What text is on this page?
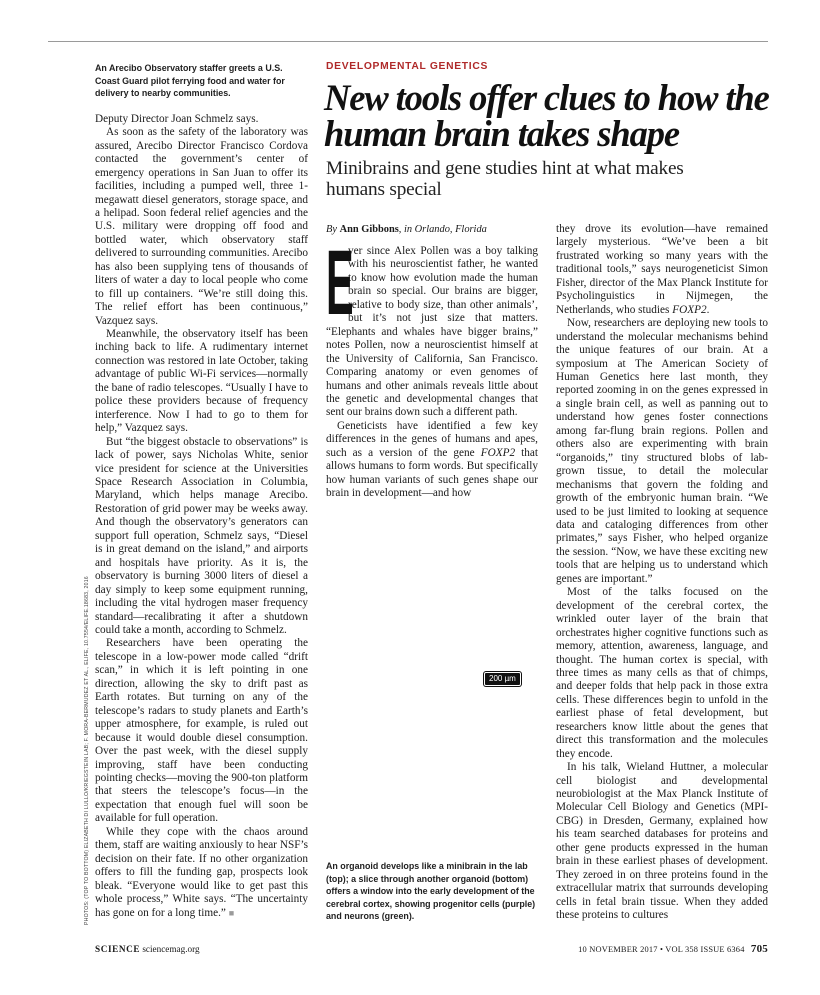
An Arecibo Observatory staffer greets a U.S. Coast Guard pilot ferrying food and water for delivery to nearby communities.

Deputy Director Joan Schmelz says.

As soon as the safety of the laboratory was assured, Arecibo Director Francisco Cordova contacted the government’s center of emergency operations in San Juan to offer its facilities, including a pumped well, three 1-megawatt diesel generators, storage space, and a helipad. Soon federal relief agencies and the U.S. military were dropping off food and bottled water, which observatory staff delivered to surrounding communities. Arecibo has also been supplying tens of thousands of liters of water a day to local people who come to fill up containers. “We’re still doing this. The relief effort has been continuous,” Vazquez says.

Meanwhile, the observatory itself has been inching back to life. A rudimentary internet connection was restored in late October, taking advantage of public Wi-Fi services—normally the bane of radio telescopes. “Usually I have to police these providers because of frequency interference. Now I had to go to them for help,” Vazquez says.

But “the biggest obstacle to observations” is lack of power, says Nicholas White, senior vice president for science at the Universities Space Research Association in Columbia, Maryland, which helps manage Arecibo. Restoration of grid power may be weeks away. And though the observatory’s generators can support full operation, Schmelz says, “Diesel is in great demand on the island,” and airports and hospitals have priority. As it is, the observatory is burning 3000 liters of diesel a day simply to keep some equipment running, including the vital hydrogen maser frequency standard—recalibrating it after a shutdown could take a month, according to Schmelz.

Researchers have been operating the telescope in a low-power mode called “drift scan,” in which it is left pointing in one direction, allowing the sky to drift past as Earth rotates. But turning on any of the telescope’s radars to study planets and Earth’s upper atmosphere, for example, is ruled out because it would double diesel consumption. Over the past week, with the diesel supply improving, staff have been conducting pointing checks—moving the 900-ton platform that steers the telescope’s focus—in the expectation that enough fuel will soon be available for full operation.

While they cope with the chaos around them, staff are waiting anxiously to hear NSF’s decision on their fate. If no other organization offers to fill the funding gap, prospects look bleak. “Everyone would like to get past this whole process,” White says. “The uncertainty has gone on for a long time.” ■

PHOTOS: (TOP TO BOTTOM) ELIZABETH DI LULLO/KRIEGSTEIN LAB; F. MORA-BERMUDEZ ET AL., ELIFE, 10.7554/ELIFE.18683, 2016
DEVELOPMENTAL GENETICS
New tools offer clues to how the human brain takes shape

Minibrains and gene studies hint at what makes humans special

By Ann Gibbons, in Orlando, Florida

E
ver since Alex Pollen was a boy talking with his neuroscientist father, he wanted to know how evolution made the human brain so special. Our brains are bigger, relative to body size, than other animals’, but it’s not just size that matters. “Elephants and whales have bigger brains,” notes Pollen, now a neuroscientist himself at the University of California, San Francisco. Comparing anatomy or even genomes of humans and other animals reveals little about the genetic and developmental changes that sent our brains down such a different path.

Geneticists have identified a few key differences in the genes of humans and apes, such as a version of the gene FOXP2 that allows humans to form words. But specifically how human variants of such genes shape our brain in development—and how

200 µm

An organoid develops like a minibrain in the lab (top); a slice through another organoid (bottom) offers a window into the early development of the cerebral cortex, showing progenitor cells (purple) and neurons (green).

they drove its evolution—have remained largely mysterious. “We’ve been a bit frustrated working so many years with the traditional tools,” says neurogeneticist Simon Fisher, director of the Max Planck Institute for Psycholinguistics in Nijmegen, the Netherlands, who studies FOXP2.

Now, researchers are deploying new tools to understand the molecular mechanisms behind the unique features of our brain. At a symposium at The American Society of Human Genetics here last month, they reported zooming in on the genes expressed in a single brain cell, as well as panning out to understand how genes foster connections among far-flung brain regions. Pollen and others also are experimenting with brain “organoids,” tiny structured blobs of lab-grown tissue, to detail the molecular mechanisms that govern the folding and growth of the embryonic human brain. “We used to be just limited to looking at sequence data and cataloging differences from other primates,” says Fisher, who helped organize the session. “Now, we have these exciting new tools that are helping us to understand which genes are important.”

Most of the talks focused on the development of the cerebral cortex, the wrinkled outer layer of the brain that orchestrates higher cognitive functions such as memory, attention, awareness, language, and thought. The human cortex is special, with three times as many cells as that of chimps, and deeper folds that help pack in those extra cells. These differences begin to unfold in the earliest phase of fetal development, but researchers know little about the genes that direct this transformation and the molecules they encode.

In his talk, Wieland Huttner, a molecular cell biologist and developmental neurobiologist at the Max Planck Institute of Molecular Cell Biology and Genetics (MPI-CBG) in Dresden, Germany, explained how his team searched databases for proteins and other gene products expressed in the human brain in these earliest phases of development. They zeroed in on three proteins found in the extracellular matrix that surrounds developing cells in fetal brain tissue. When they added these proteins to cultures

SCIENCE sciencemag.org	10 NOVEMBER 2017 • VOL 358 ISSUE 6364 705
